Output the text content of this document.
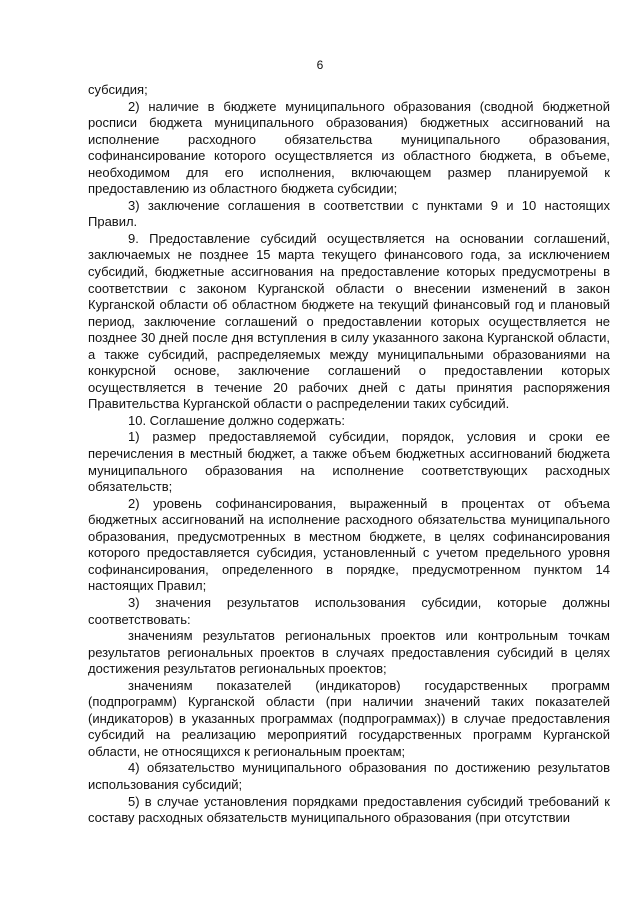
6

субсидия;

2) наличие в бюджете муниципального образования (сводной бюджетной росписи бюджета муниципального образования) бюджетных ассигнований на исполнение расходного обязательства муниципального образования, софинансирование которого осуществляется из областного бюджета, в объеме, необходимом для его исполнения, включающем размер планируемой к предоставлению из областного бюджета субсидии;

3) заключение соглашения в соответствии с пунктами 9 и 10 настоящих Правил.

9. Предоставление субсидий осуществляется на основании соглашений, заключаемых не позднее 15 марта текущего финансового года, за исключением субсидий, бюджетные ассигнования на предоставление которых предусмотрены в соответствии с законом Курганской области о внесении изменений в закон Курганской области об областном бюджете на текущий финансовый год и плановый период, заключение соглашений о предоставлении которых осуществляется не позднее 30 дней после дня вступления в силу указанного закона Курганской области, а также субсидий, распределяемых между муниципальными образованиями на конкурсной основе, заключение соглашений о предоставлении которых осуществляется в течение 20 рабочих дней с даты принятия распоряжения Правительства Курганской области о распределении таких субсидий.

10. Соглашение должно содержать:

1) размер предоставляемой субсидии, порядок, условия и сроки ее перечисления в местный бюджет, а также объем бюджетных ассигнований бюджета муниципального образования на исполнение соответствующих расходных обязательств;

2) уровень софинансирования, выраженный в процентах от объема бюджетных ассигнований на исполнение расходного обязательства муниципального образования, предусмотренных в местном бюджете, в целях софинансирования которого предоставляется субсидия, установленный с учетом предельного уровня софинансирования, определенного в порядке, предусмотренном пунктом 14 настоящих Правил;

3) значения результатов использования субсидии, которые должны соответствовать:

значениям результатов региональных проектов или контрольным точкам результатов региональных проектов в случаях предоставления субсидий в целях достижения результатов региональных проектов;

значениям показателей (индикаторов) государственных программ (подпрограмм) Курганской области (при наличии значений таких показателей (индикаторов) в указанных программах (подпрограммах)) в случае предоставления субсидий на реализацию мероприятий государственных программ Курганской области, не относящихся к региональным проектам;

4) обязательство муниципального образования по достижению результатов использования субсидий;

5) в случае установления порядками предоставления субсидий требований к составу расходных обязательств муниципального образования (при отсутствии
